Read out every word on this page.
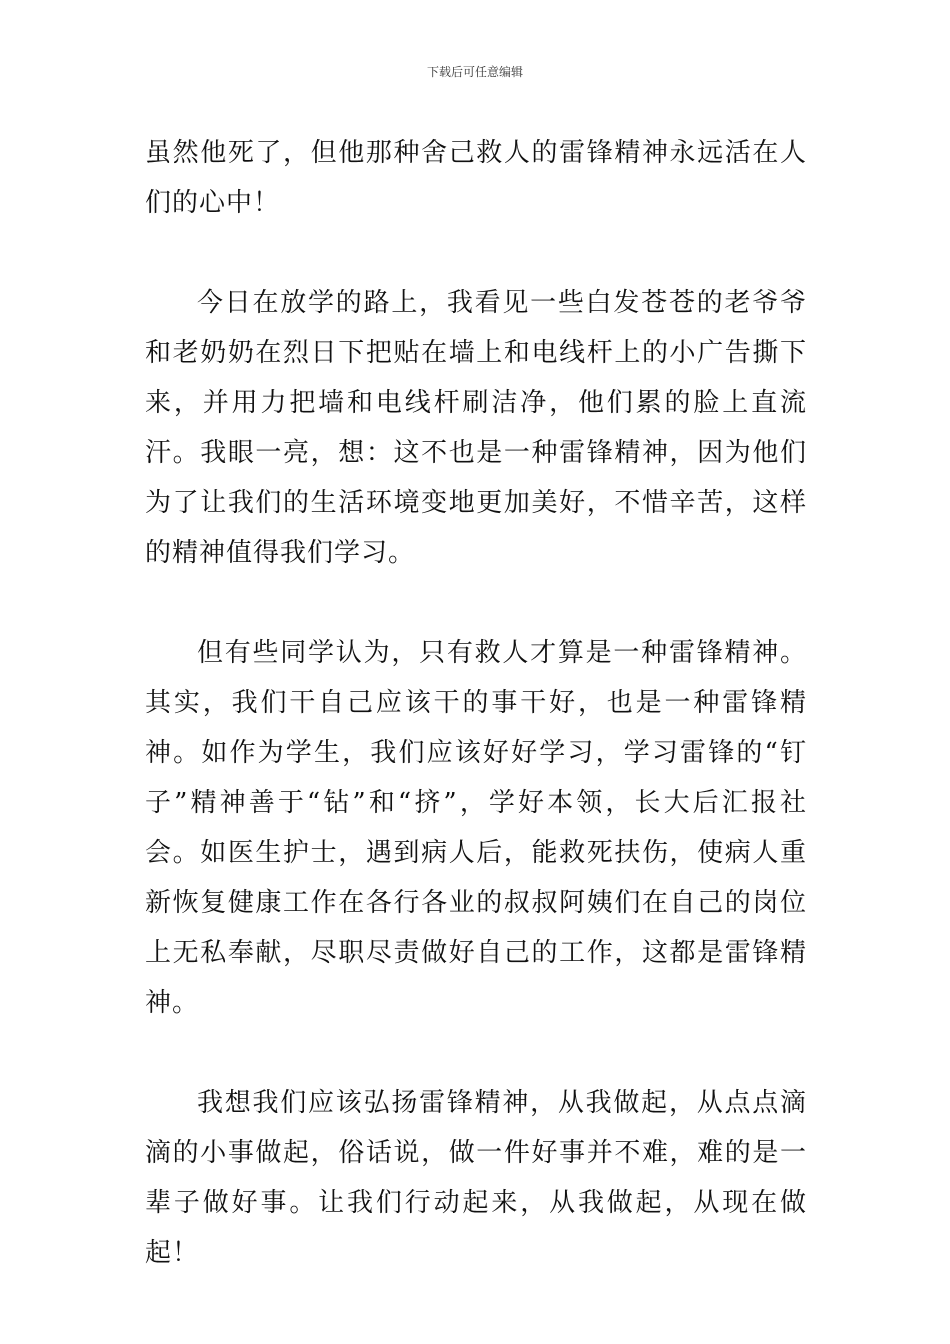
下载后可任意编辑

虽然他死了，但他那种舍己救人的雷锋精神永远活在人们的心中！

今日在放学的路上，我看见一些白发苍苍的老爷爷和老奶奶在烈日下把贴在墙上和电线杆上的小广告撕下来，并用力把墙和电线杆刷洁净，他们累的脸上直流汗。我眼一亮，想：这不也是一种雷锋精神，因为他们为了让我们的生活环境变地更加美好，不惜辛苦，这样的精神值得我们学习。

但有些同学认为，只有救人才算是一种雷锋精神。其实，我们干自己应该干的事干好，也是一种雷锋精神。如作为学生，我们应该好好学习，学习雷锋的“钉子”精神善于“钻”和“挤”，学好本领，长大后汇报社会。如医生护士，遇到病人后，能救死扶伤，使病人重新恢复健康工作在各行各业的叔叔阿姨们在自己的岗位上无私奉献，尽职尽责做好自己的工作，这都是雷锋精神。

我想我们应该弘扬雷锋精神，从我做起，从点点滴滴的小事做起，俗话说，做一件好事并不难，难的是一辈子做好事。让我们行动起来，从我做起，从现在做起！
